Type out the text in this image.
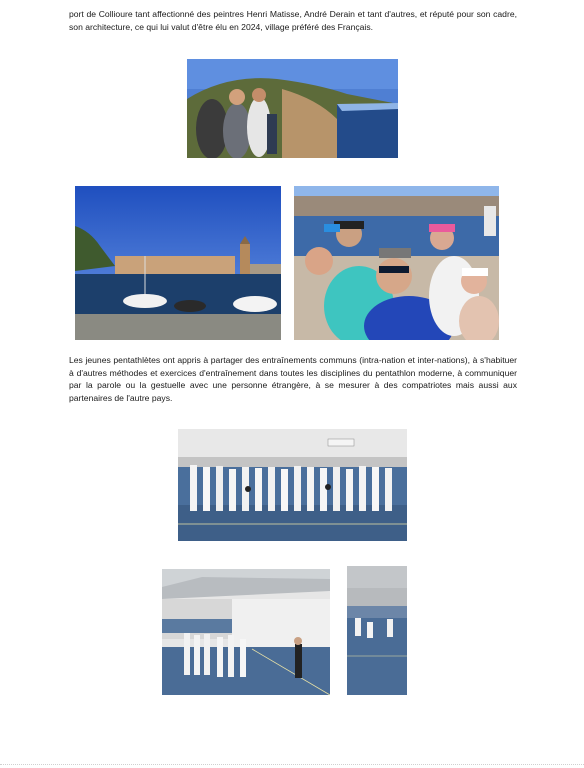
port de Collioure tant affectionné des peintres Henri Matisse, André Derain et tant d'autres, et réputé pour son cadre, son architecture, ce qui lui valut d'être élu en 2024, village préféré des Français.

Les jeunes pentathlètes ont appris à partager des entraînements communs (intra-nation et inter-nations), à s'habituer à d'autres méthodes et exercices d'entraînement dans toutes les disciplines du pentathlon moderne, à communiquer par la parole ou la gestuelle avec une personne étrangère, à se mesurer à des compatriotes mais aussi aux partenaires de l'autre pays.
